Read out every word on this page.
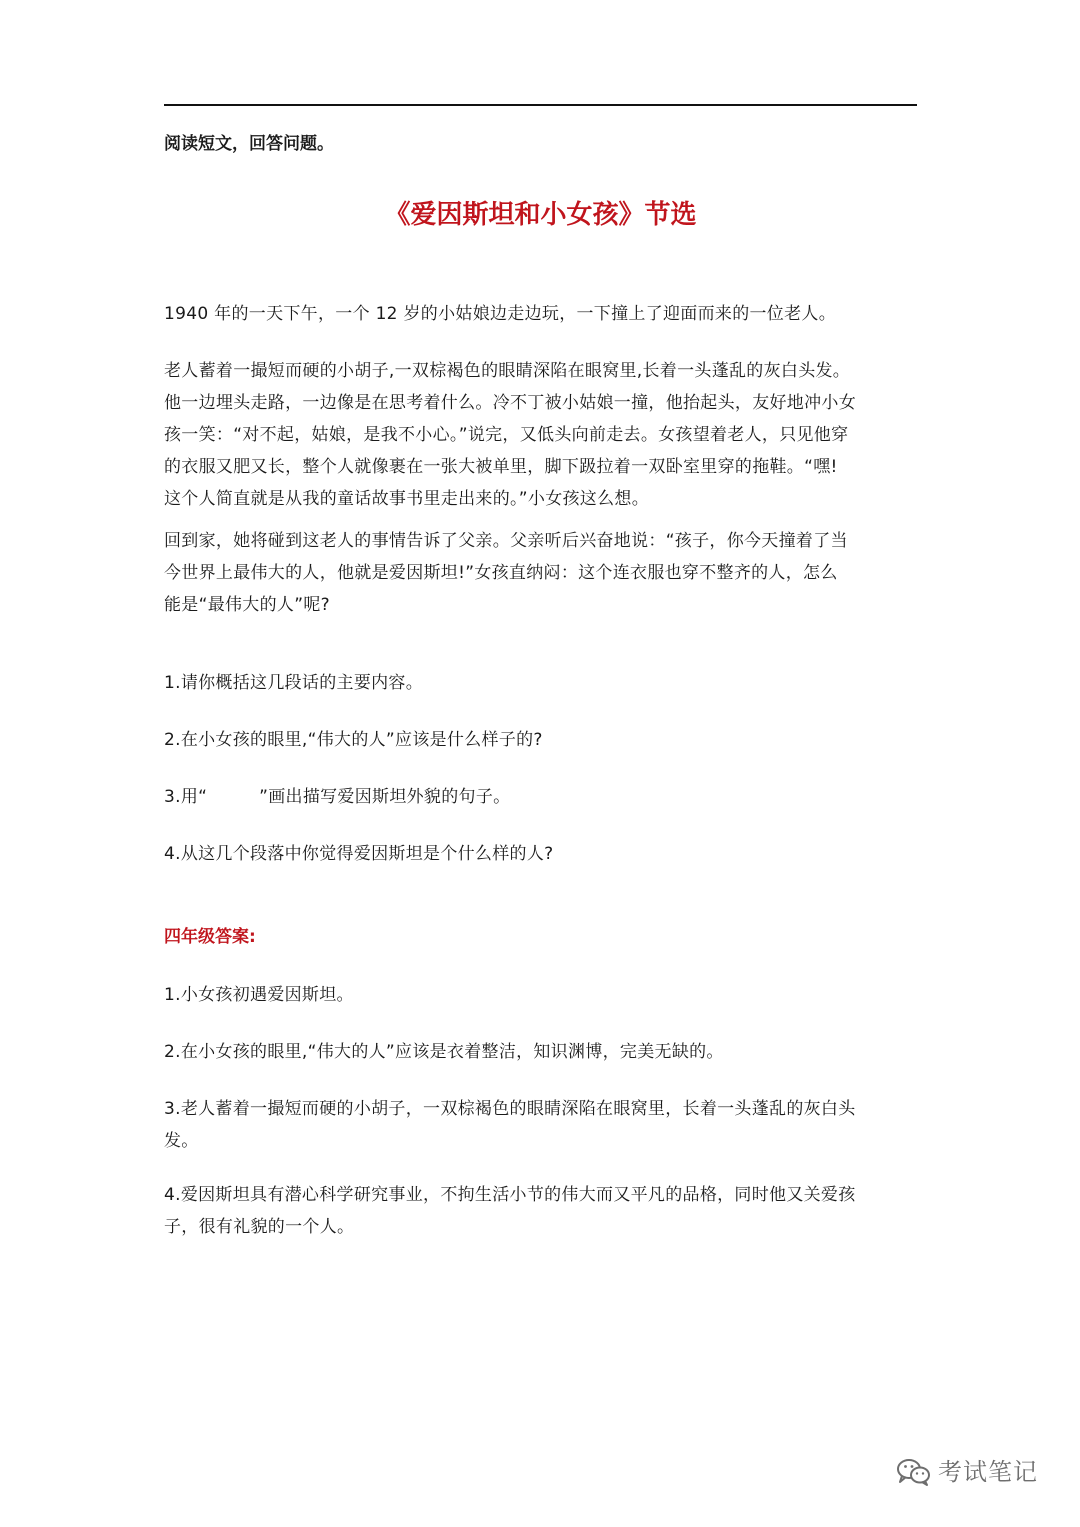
阅读短文，回答问题。
《爱因斯坦和小女孩》节选

1940 年的一天下午，一个 12 岁的小姑娘边走边玩，一下撞上了迎面而来的一位老人。

老人蓄着一撮短而硬的小胡子,一双棕褐色的眼睛深陷在眼窝里,长着一头蓬乱的灰白头发。
他一边埋头走路，一边像是在思考着什么。冷不丁被小姑娘一撞，他抬起头，友好地冲小女
孩一笑：“对不起，姑娘，是我不小心。”说完，又低头向前走去。女孩望着老人，只见他穿
的衣服又肥又长，整个人就像裹在一张大被单里，脚下趿拉着一双卧室里穿的拖鞋。“嘿!
这个人简直就是从我的童话故事书里走出来的。”小女孩这么想。

回到家，她将碰到这老人的事情告诉了父亲。父亲听后兴奋地说：“孩子，你今天撞着了当
今世界上最伟大的人，他就是爱因斯坦!”女孩直纳闷：这个连衣服也穿不整齐的人，怎么
能是“最伟大的人”呢?

1.请你概括这几段话的主要内容。

2.在小女孩的眼里,“伟大的人”应该是什么样子的?

3.用“　　　”画出描写爱因斯坦外貌的句子。

4.从这几个段落中你觉得爱因斯坦是个什么样的人?

四年级答案:

1.小女孩初遇爱因斯坦。

2.在小女孩的眼里,“伟大的人”应该是衣着整洁，知识渊博，完美无缺的。

3.老人蓄着一撮短而硬的小胡子，一双棕褐色的眼睛深陷在眼窝里，长着一头蓬乱的灰白头
发。

4.爱因斯坦具有潜心科学研究事业，不拘生活小节的伟大而又平凡的品格，同时他又关爱孩
子，很有礼貌的一个人。

考试笔记
